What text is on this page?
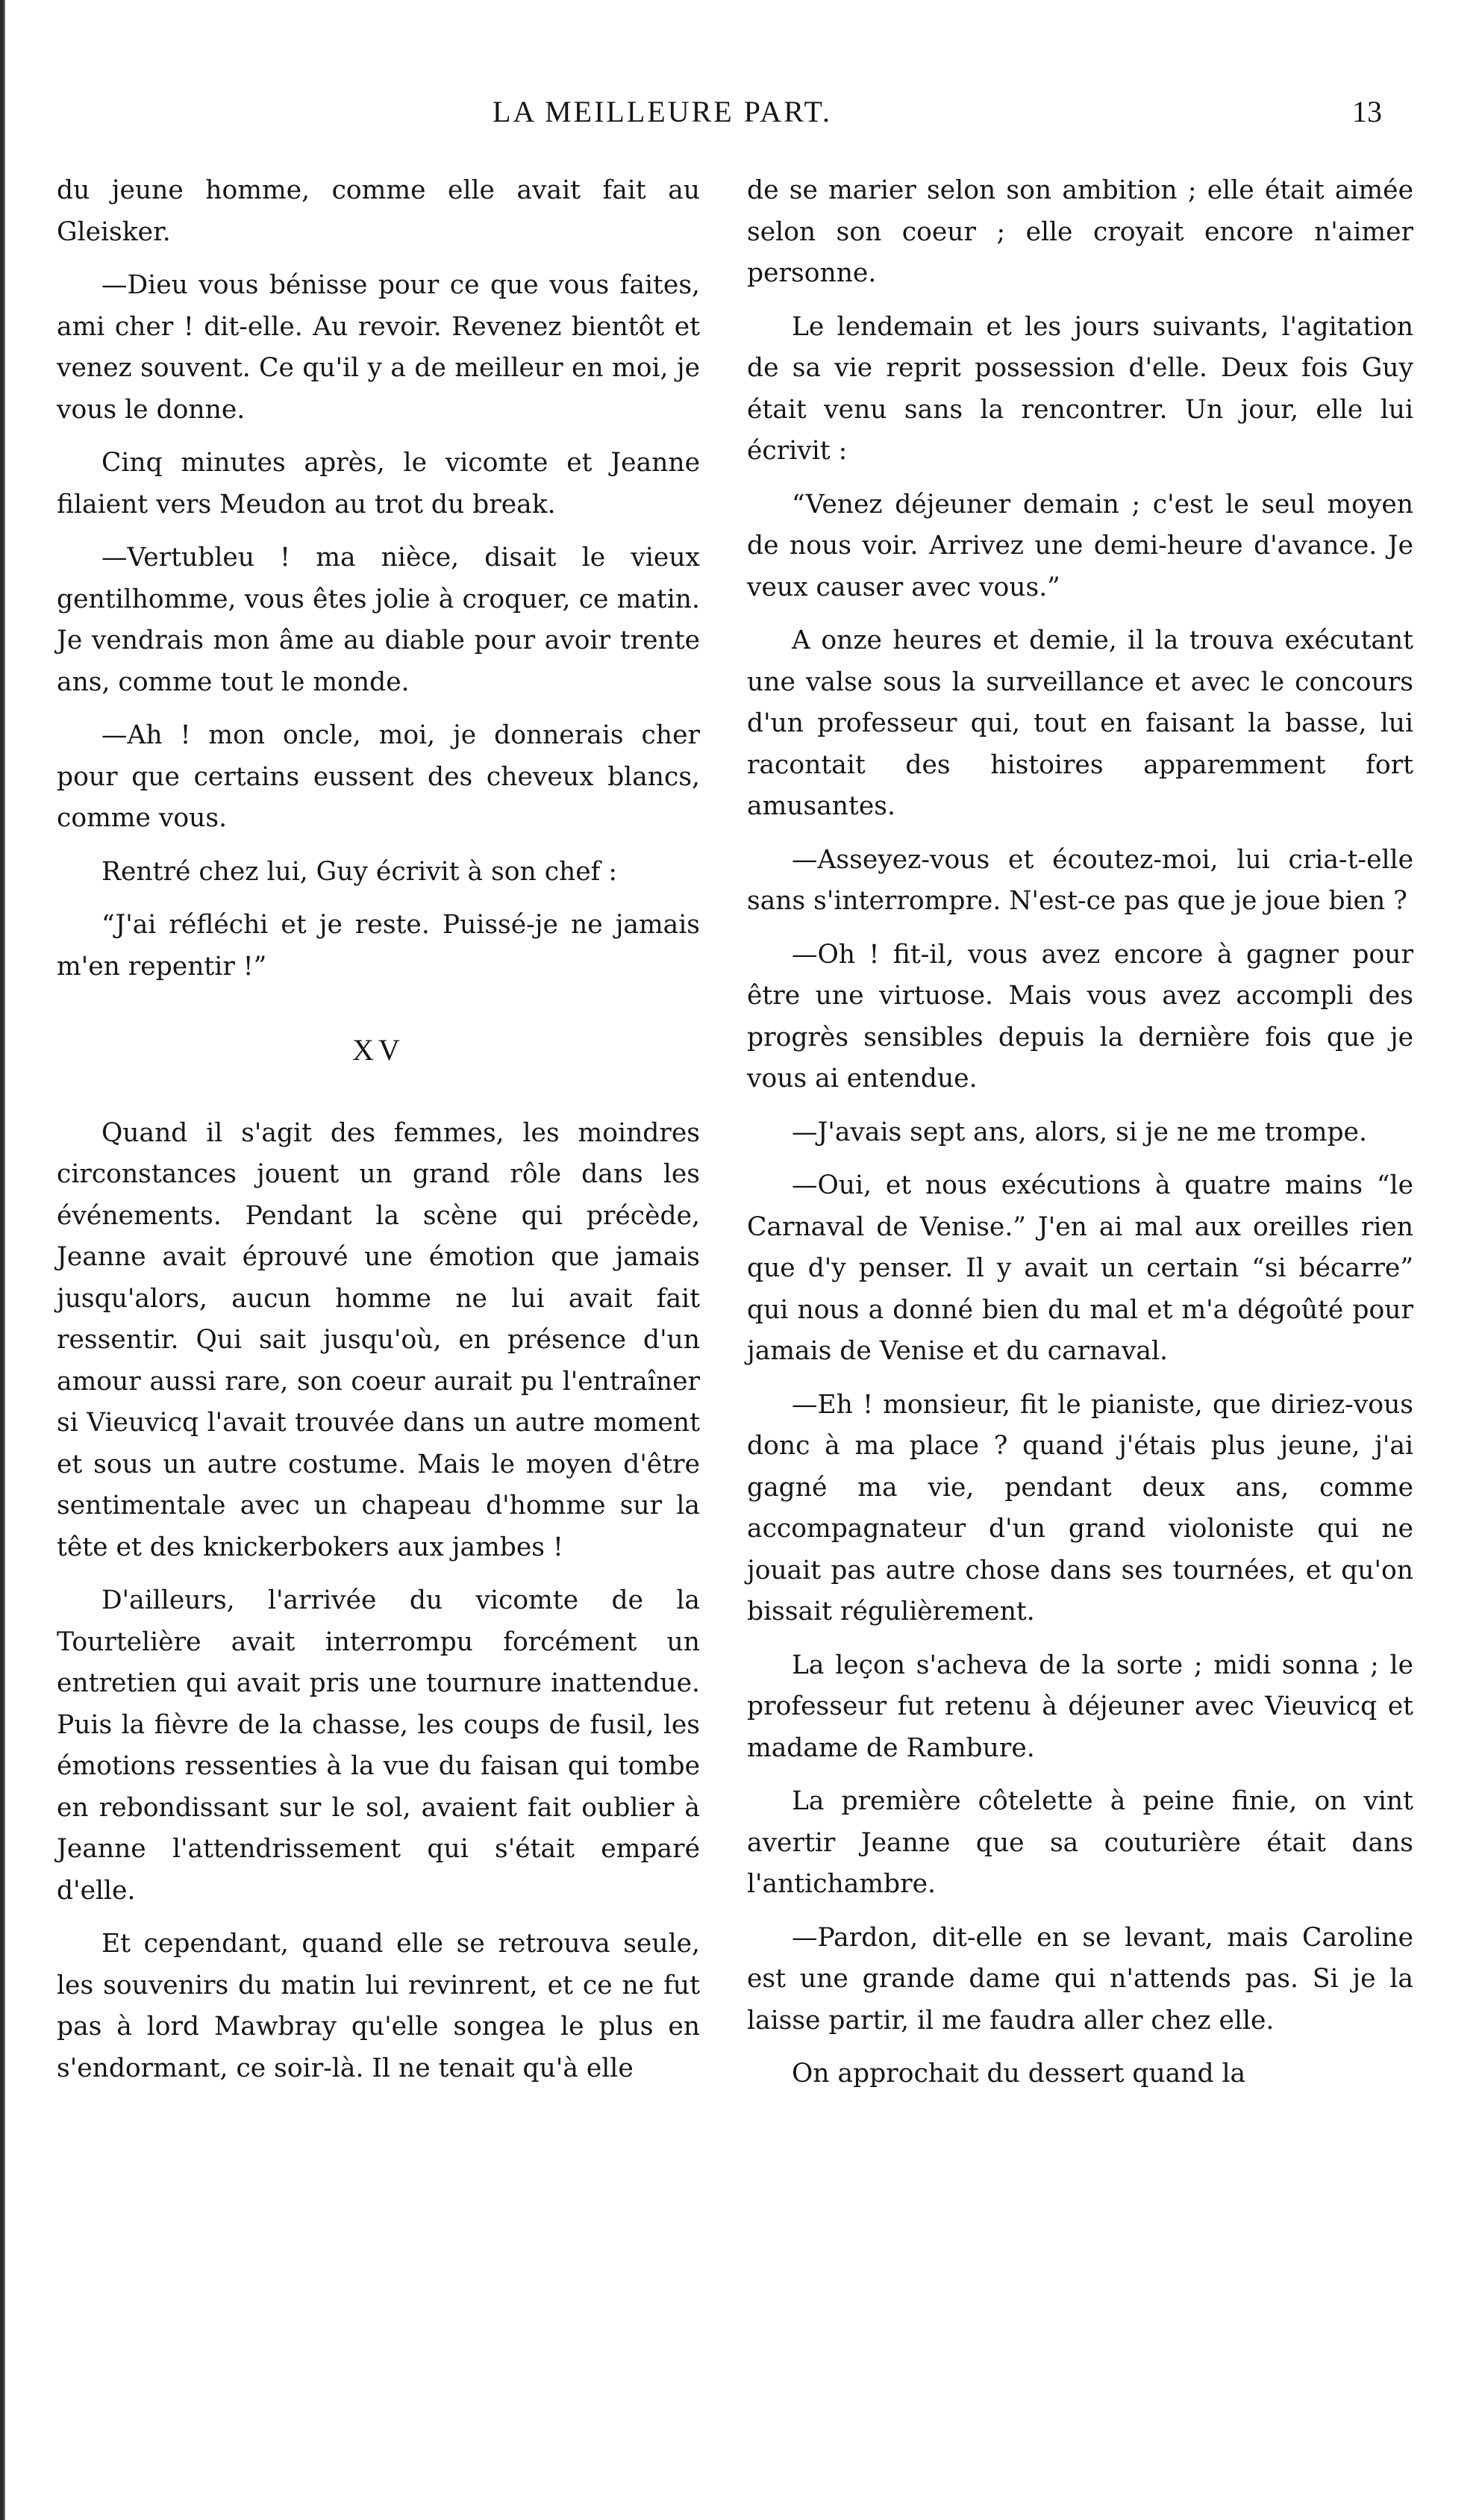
LA MEILLEURE PART.	13

du jeune homme, comme elle avait fait au Gleisker.

—Dieu vous bénisse pour ce que vous faites, ami cher ! dit-elle. Au revoir. Revenez bientôt et venez souvent. Ce qu'il y a de meilleur en moi, je vous le donne.

Cinq minutes après, le vicomte et Jeanne filaient vers Meudon au trot du break.

—Vertubleu ! ma nièce, disait le vieux gentilhomme, vous êtes jolie à croquer, ce matin. Je vendrais mon âme au diable pour avoir trente ans, comme tout le monde.

—Ah ! mon oncle, moi, je donnerais cher pour que certains eussent des cheveux blancs, comme vous.

Rentré chez lui, Guy écrivit à son chef :

“J'ai réfléchi et je reste. Puissé-je ne jamais m'en repentir !”

XV

Quand il s'agit des femmes, les moindres circonstances jouent un grand rôle dans les événements. Pendant la scène qui précède, Jeanne avait éprouvé une émotion que jamais jusqu'alors, aucun homme ne lui avait fait ressentir. Qui sait jusqu'où, en présence d'un amour aussi rare, son coeur aurait pu l'entraîner si Vieuvicq l'avait trouvée dans un autre moment et sous un autre costume. Mais le moyen d'être sentimentale avec un chapeau d'homme sur la tête et des knickerbokers aux jambes !

D'ailleurs, l'arrivée du vicomte de la Tourtelière avait interrompu forcément un entretien qui avait pris une tournure inattendue. Puis la fièvre de la chasse, les coups de fusil, les émotions ressenties à la vue du faisan qui tombe en rebondissant sur le sol, avaient fait oublier à Jeanne l'attendrissement qui s'était emparé d'elle.

Et cependant, quand elle se retrouva seule, les souvenirs du matin lui revinrent, et ce ne fut pas à lord Mawbray qu'elle songea le plus en s'endormant, ce soir-là. Il ne tenait qu'à elle

de se marier selon son ambition ; elle était aimée selon son coeur ; elle croyait encore n'aimer personne.

Le lendemain et les jours suivants, l'agitation de sa vie reprit possession d'elle. Deux fois Guy était venu sans la rencontrer. Un jour, elle lui écrivit :

“Venez déjeuner demain ; c'est le seul moyen de nous voir. Arrivez une demi-heure d'avance. Je veux causer avec vous.”

A onze heures et demie, il la trouva exécutant une valse sous la surveillance et avec le concours d'un professeur qui, tout en faisant la basse, lui racontait des histoires apparemment fort amusantes.

—Asseyez-vous et écoutez-moi, lui cria-t-elle sans s'interrompre. N'est-ce pas que je joue bien ?

—Oh ! fit-il, vous avez encore à gagner pour être une virtuose. Mais vous avez accompli des progrès sensibles depuis la dernière fois que je vous ai entendue.

—J'avais sept ans, alors, si je ne me trompe.

—Oui, et nous exécutions à quatre mains “le Carnaval de Venise.” J'en ai mal aux oreilles rien que d'y penser. Il y avait un certain “si bécarre” qui nous a donné bien du mal et m'a dégoûté pour jamais de Venise et du carnaval.

—Eh ! monsieur, fit le pianiste, que diriez-vous donc à ma place ? quand j'étais plus jeune, j'ai gagné ma vie, pendant deux ans, comme accompagnateur d'un grand violoniste qui ne jouait pas autre chose dans ses tournées, et qu'on bissait régulièrement.

La leçon s'acheva de la sorte ; midi sonna ; le professeur fut retenu à déjeuner avec Vieuvicq et madame de Rambure.

La première côtelette à peine finie, on vint avertir Jeanne que sa couturière était dans l'antichambre.

—Pardon, dit-elle en se levant, mais Caroline est une grande dame qui n'attends pas. Si je la laisse partir, il me faudra aller chez elle.

On approchait du dessert quand la
